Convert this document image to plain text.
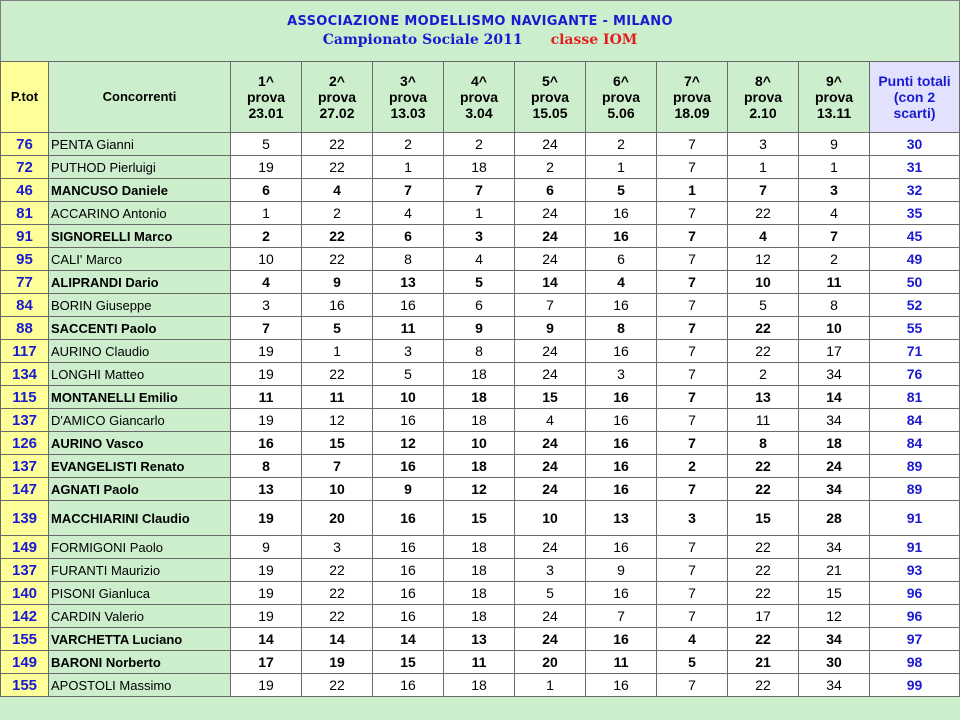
ASSOCIAZIONE MODELLISMO NAVIGANTE - MILANO
Campionato Sociale 2011 classe IOM
P.tot	Concorrenti	1^
prova
23.01	2^
prova
27.02	3^
prova
13.03	4^
prova
3.04	5^
prova
15.05	6^
prova
5.06	7^
prova
18.09	8^
prova
2.10	9^
prova
13.11	Punti totali
(con 2
scarti)
76	PENTA Gianni	5	22	2	2	24	2	7	3	9	30
72	PUTHOD Pierluigi	19	22	1	18	2	1	7	1	1	31
46	MANCUSO Daniele	6	4	7	7	6	5	1	7	3	32
81	ACCARINO Antonio	1	2	4	1	24	16	7	22	4	35
91	SIGNORELLI Marco	2	22	6	3	24	16	7	4	7	45
95	CALI' Marco	10	22	8	4	24	6	7	12	2	49
77	ALIPRANDI Dario	4	9	13	5	14	4	7	10	11	50
84	BORIN Giuseppe	3	16	16	6	7	16	7	5	8	52
88	SACCENTI Paolo	7	5	11	9	9	8	7	22	10	55
117	AURINO Claudio	19	1	3	8	24	16	7	22	17	71
134	LONGHI Matteo	19	22	5	18	24	3	7	2	34	76
115	MONTANELLI Emilio	11	11	10	18	15	16	7	13	14	81
137	D'AMICO Giancarlo	19	12	16	18	4	16	7	11	34	84
126	AURINO Vasco	16	15	12	10	24	16	7	8	18	84
137	EVANGELISTI Renato	8	7	16	18	24	16	2	22	24	89
147	AGNATI Paolo	13	10	9	12	24	16	7	22	34	89
139	MACCHIARINI Claudio	19	20	16	15	10	13	3	15	28	91
149	FORMIGONI Paolo	9	3	16	18	24	16	7	22	34	91
137	FURANTI Maurizio	19	22	16	18	3	9	7	22	21	93
140	PISONI Gianluca	19	22	16	18	5	16	7	22	15	96
142	CARDIN Valerio	19	22	16	18	24	7	7	17	12	96
155	VARCHETTA Luciano	14	14	14	13	24	16	4	22	34	97
149	BARONI Norberto	17	19	15	11	20	11	5	21	30	98
155	APOSTOLI Massimo	19	22	16	18	1	16	7	22	34	99
